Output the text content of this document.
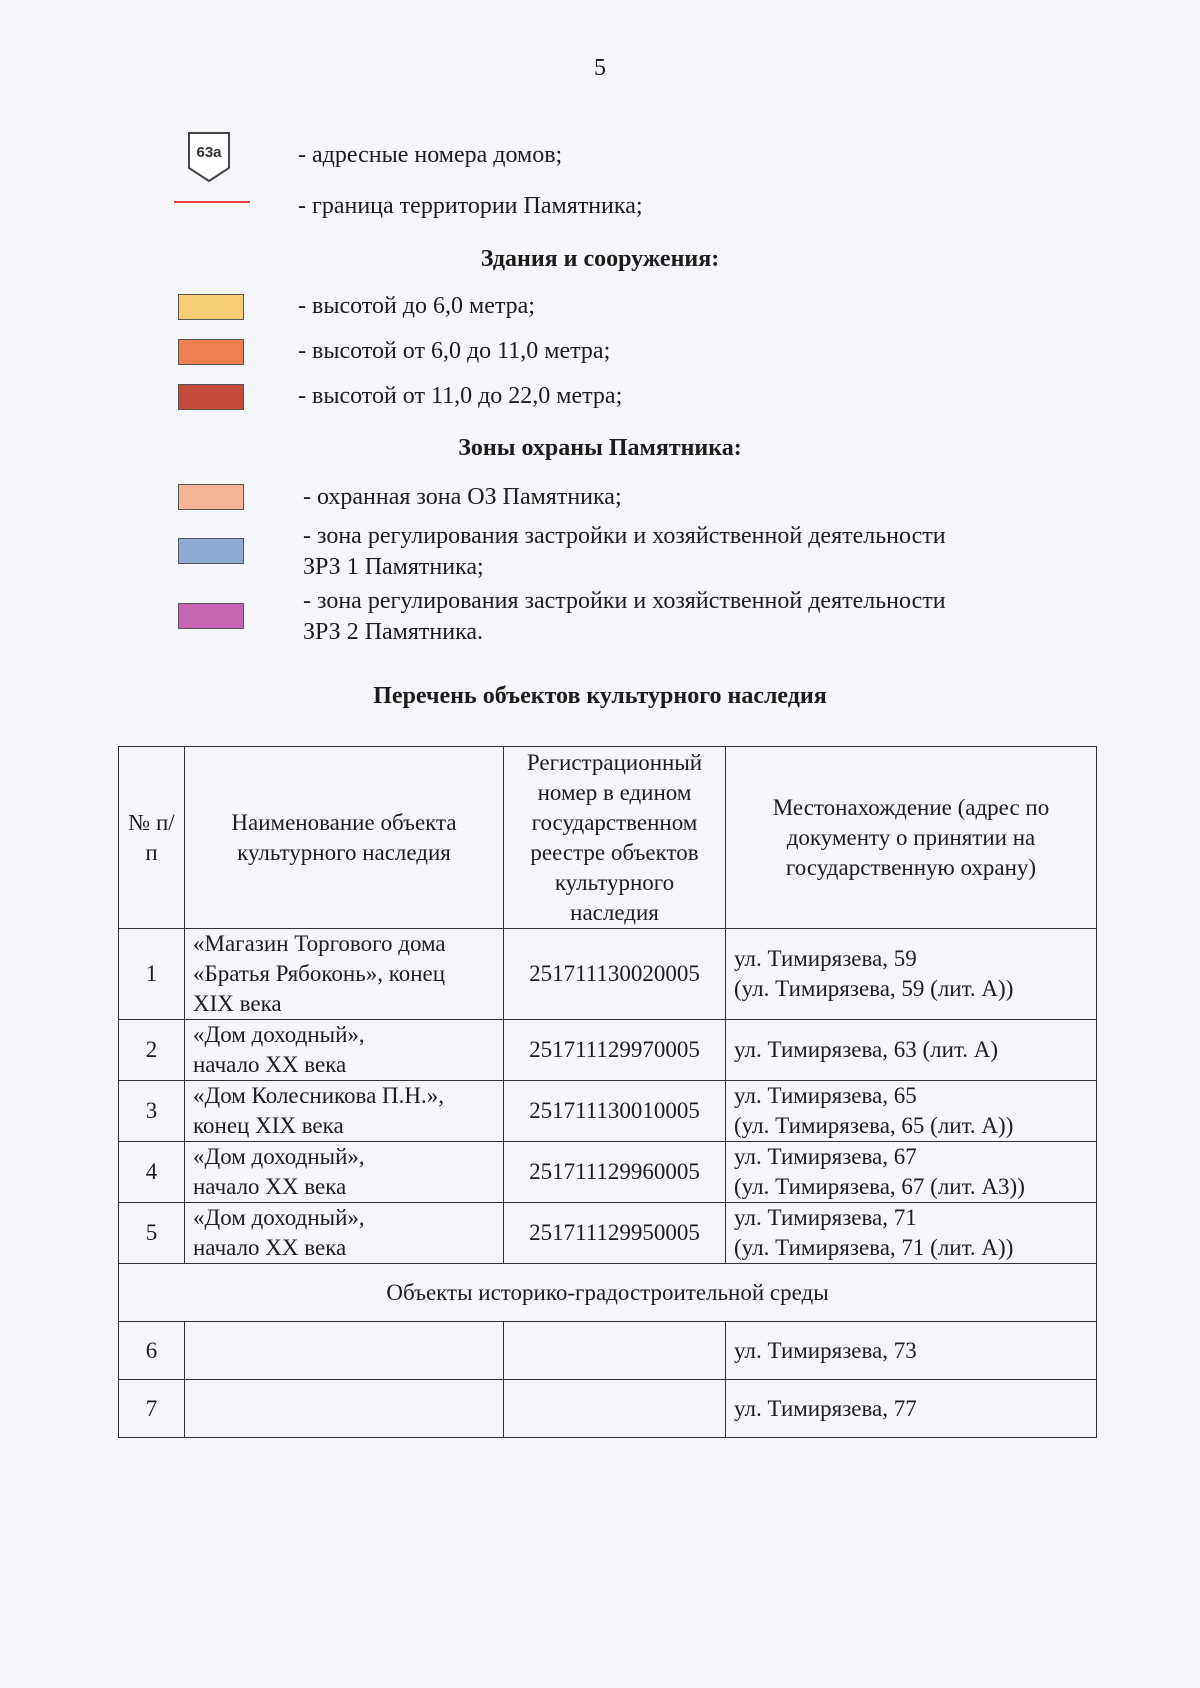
5
63а	- адресные номера домов;
- граница территории Памятника;
Здания и сооружения:
- высотой до 6,0 метра;
- высотой от 6,0 до 11,0 метра;
- высотой от 11,0 до 22,0 метра;
Зоны охраны Памятника:
- охранная зона ОЗ Памятника;
- зона регулирования застройки и хозяйственной деятельности
ЗРЗ 1 Памятника;
- зона регулирования застройки и хозяйственной деятельности
ЗРЗ 2 Памятника.
Перечень объектов культурного наследия
№ п/п	Наименование объекта культурного наследия	Регистрационный номер в едином государственном реестре объектов культурного наследия	Местонахождение (адрес по документу о принятии на государственную охрану)
1	«Магазин Торгового дома
«Братья Рябоконь», конец
XIX века	251711130020005	ул. Тимирязева, 59
(ул. Тимирязева, 59 (лит. А))
2	«Дом доходный»,
начало XX века	251711129970005	ул. Тимирязева, 63 (лит. А)
3	«Дом Колесникова П.Н.»,
конец XIX века	251711130010005	ул. Тимирязева, 65
(ул. Тимирязева, 65 (лит. А))
4	«Дом доходный»,
начало XX века	251711129960005	ул. Тимирязева, 67
(ул. Тимирязева, 67 (лит. А3))
5	«Дом доходный»,
начало XX века	251711129950005	ул. Тимирязева, 71
(ул. Тимирязева, 71 (лит. А))
Объекты историко-градостроительной среды			
6			ул. Тимирязева, 73
7			ул. Тимирязева, 77
